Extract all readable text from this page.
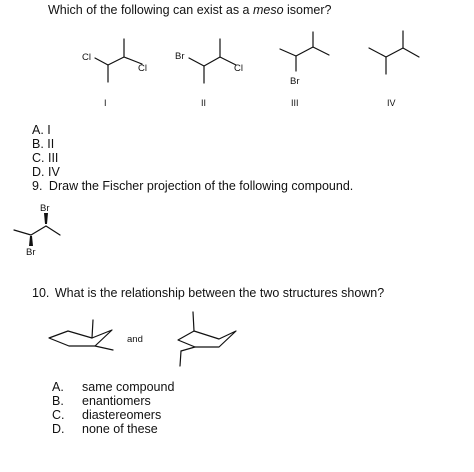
Which of the following can exist as a meso isomer?
Cl
Cl
I
Br
Cl
II
Br
III	IV
A. I
B. II
C. III
D. IV
9. Draw the Fischer projection of the following compound.
Br
Br
10. What is the relationship between the two structures shown?
and
A. same compound
B. enantiomers
C. diastereomers
D. none of these
